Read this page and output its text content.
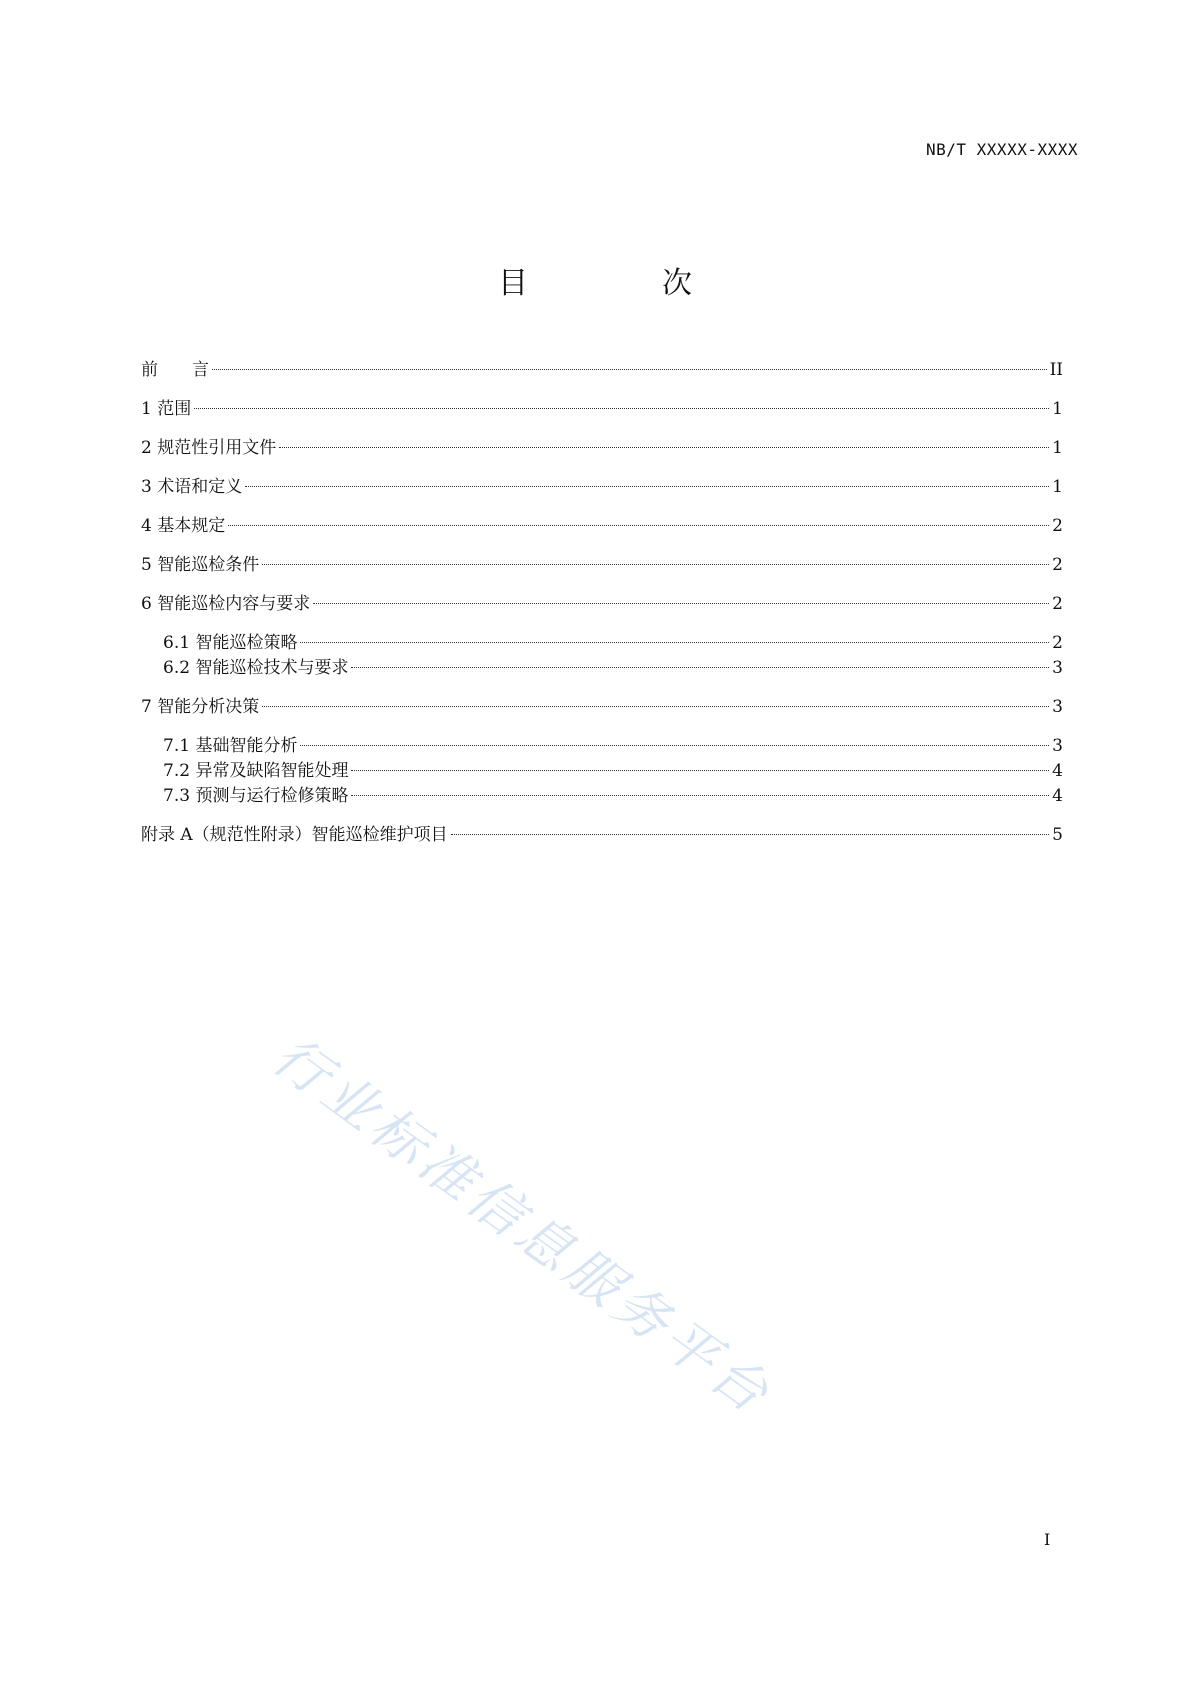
NB/T XXXXX-XXXX
目　次
前　　言	II
1 范围	1
2 规范性引用文件	1
3 术语和定义	1
4 基本规定	2
5 智能巡检条件	2
6 智能巡检内容与要求	2
6.1 智能巡检策略	2
6.2 智能巡检技术与要求	3
7 智能分析决策	3
7.1 基础智能分析	3
7.2 异常及缺陷智能处理	4
7.3 预测与运行检修策略	4
附录 A（规范性附录）智能巡检维护项目	5
行业标准信息服务平台
I
